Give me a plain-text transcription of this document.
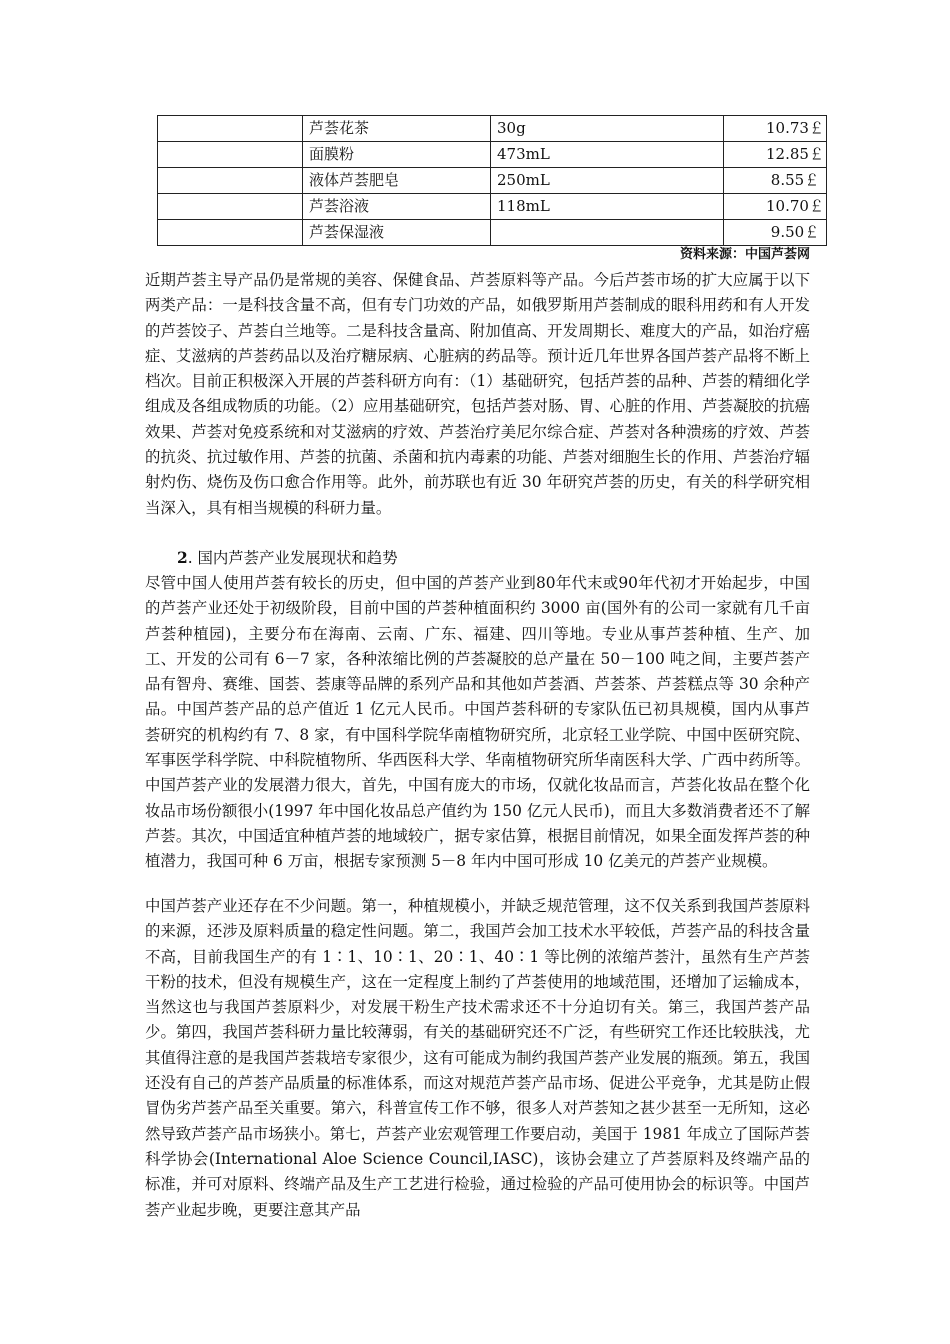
	芦荟花茶	30g	10.73￡
	面膜粉	473mL	12.85￡
	液体芦荟肥皂	250mL	8.55￡
	芦荟浴液	118mL	10.70￡
	芦荟保湿液		9.50￡
资料来源：中国芦荟网

近期芦荟主导产品仍是常规的美容、保健食品、芦荟原料等产品。今后芦荟市场的扩大应属于以下两类产品：一是科技含量不高，但有专门功效的产品，如俄罗斯用芦荟制成的眼科用药和有人开发的芦荟饺子、芦荟白兰地等。二是科技含量高、附加值高、开发周期长、难度大的产品，如治疗癌症、艾滋病的芦荟药品以及治疗糖尿病、心脏病的药品等。预计近几年世界各国芦荟产品将不断上档次。目前正积极深入开展的芦荟科研方向有：（1）基础研究，包括芦荟的品种、芦荟的精细化学组成及各组成物质的功能。（2）应用基础研究，包括芦荟对肠、胃、心脏的作用、芦荟凝胶的抗癌效果、芦荟对免疫系统和对艾滋病的疗效、芦荟治疗美尼尔综合症、芦荟对各种溃疡的疗效、芦荟的抗炎、抗过敏作用、芦荟的抗菌、杀菌和抗内毒素的功能、芦荟对细胞生长的作用、芦荟治疗辐射灼伤、烧伤及伤口愈合作用等。此外，前苏联也有近 30 年研究芦荟的历史，有关的科学研究相当深入，具有相当规模的科研力量。

2. 国内芦荟产业发展现状和趋势

尽管中国人使用芦荟有较长的历史，但中国的芦荟产业到80年代末或90年代初才开始起步，中国的芦荟产业还处于初级阶段，目前中国的芦荟种植面积约 3000 亩(国外有的公司一家就有几千亩芦荟种植园)，主要分布在海南、云南、广东、福建、四川等地。专业从事芦荟种植、生产、加工、开发的公司有 6－7 家，各种浓缩比例的芦荟凝胶的总产量在 50－100 吨之间，主要芦荟产品有智舟、赛维、国荟、荟康等品牌的系列产品和其他如芦荟酒、芦荟茶、芦荟糕点等 30 余种产品。中国芦荟产品的总产值近 1 亿元人民币。中国芦荟科研的专家队伍已初具规模，国内从事芦荟研究的机构约有 7、8 家，有中国科学院华南植物研究所，北京轻工业学院、中国中医研究院、军事医学科学院、中科院植物所、华西医科大学、华南植物研究所华南医科大学、广西中药所等。中国芦荟产业的发展潜力很大，首先，中国有庞大的市场，仅就化妆品而言，芦荟化妆品在整个化妆品市场份额很小(1997 年中国化妆品总产值约为 150 亿元人民币)，而且大多数消费者还不了解芦荟。其次，中国适宜种植芦荟的地域较广，据专家估算，根据目前情况，如果全面发挥芦荟的种植潜力，我国可种 6 万亩，根据专家预测 5－8 年内中国可形成 10 亿美元的芦荟产业规模。

中国芦荟产业还存在不少问题。第一，种植规模小，并缺乏规范管理，这不仅关系到我国芦荟原料的来源，还涉及原料质量的稳定性问题。第二，我国芦会加工技术水平较低，芦荟产品的科技含量不高，目前我国生产的有 1∶1、10∶1、20∶1、40∶1 等比例的浓缩芦荟汁，虽然有生产芦荟干粉的技术，但没有规模生产，这在一定程度上制约了芦荟使用的地域范围，还增加了运输成本，当然这也与我国芦荟原料少，对发展干粉生产技术需求还不十分迫切有关。第三，我国芦荟产品少。第四，我国芦荟科研力量比较薄弱，有关的基础研究还不广泛，有些研究工作还比较肤浅，尤其值得注意的是我国芦荟栽培专家很少，这有可能成为制约我国芦荟产业发展的瓶颈。第五，我国还没有自己的芦荟产品质量的标准体系，而这对规范芦荟产品市场、促进公平竞争，尤其是防止假冒伪劣芦荟产品至关重要。第六，科普宣传工作不够，很多人对芦荟知之甚少甚至一无所知，这必然导致芦荟产品市场狭小。第七，芦荟产业宏观管理工作要启动，美国于 1981 年成立了国际芦荟科学协会(International Aloe Science Council,IASC)，该协会建立了芦荟原料及终端产品的标准，并可对原料、终端产品及生产工艺进行检验，通过检验的产品可使用协会的标识等。中国芦荟产业起步晚，更要注意其产品
